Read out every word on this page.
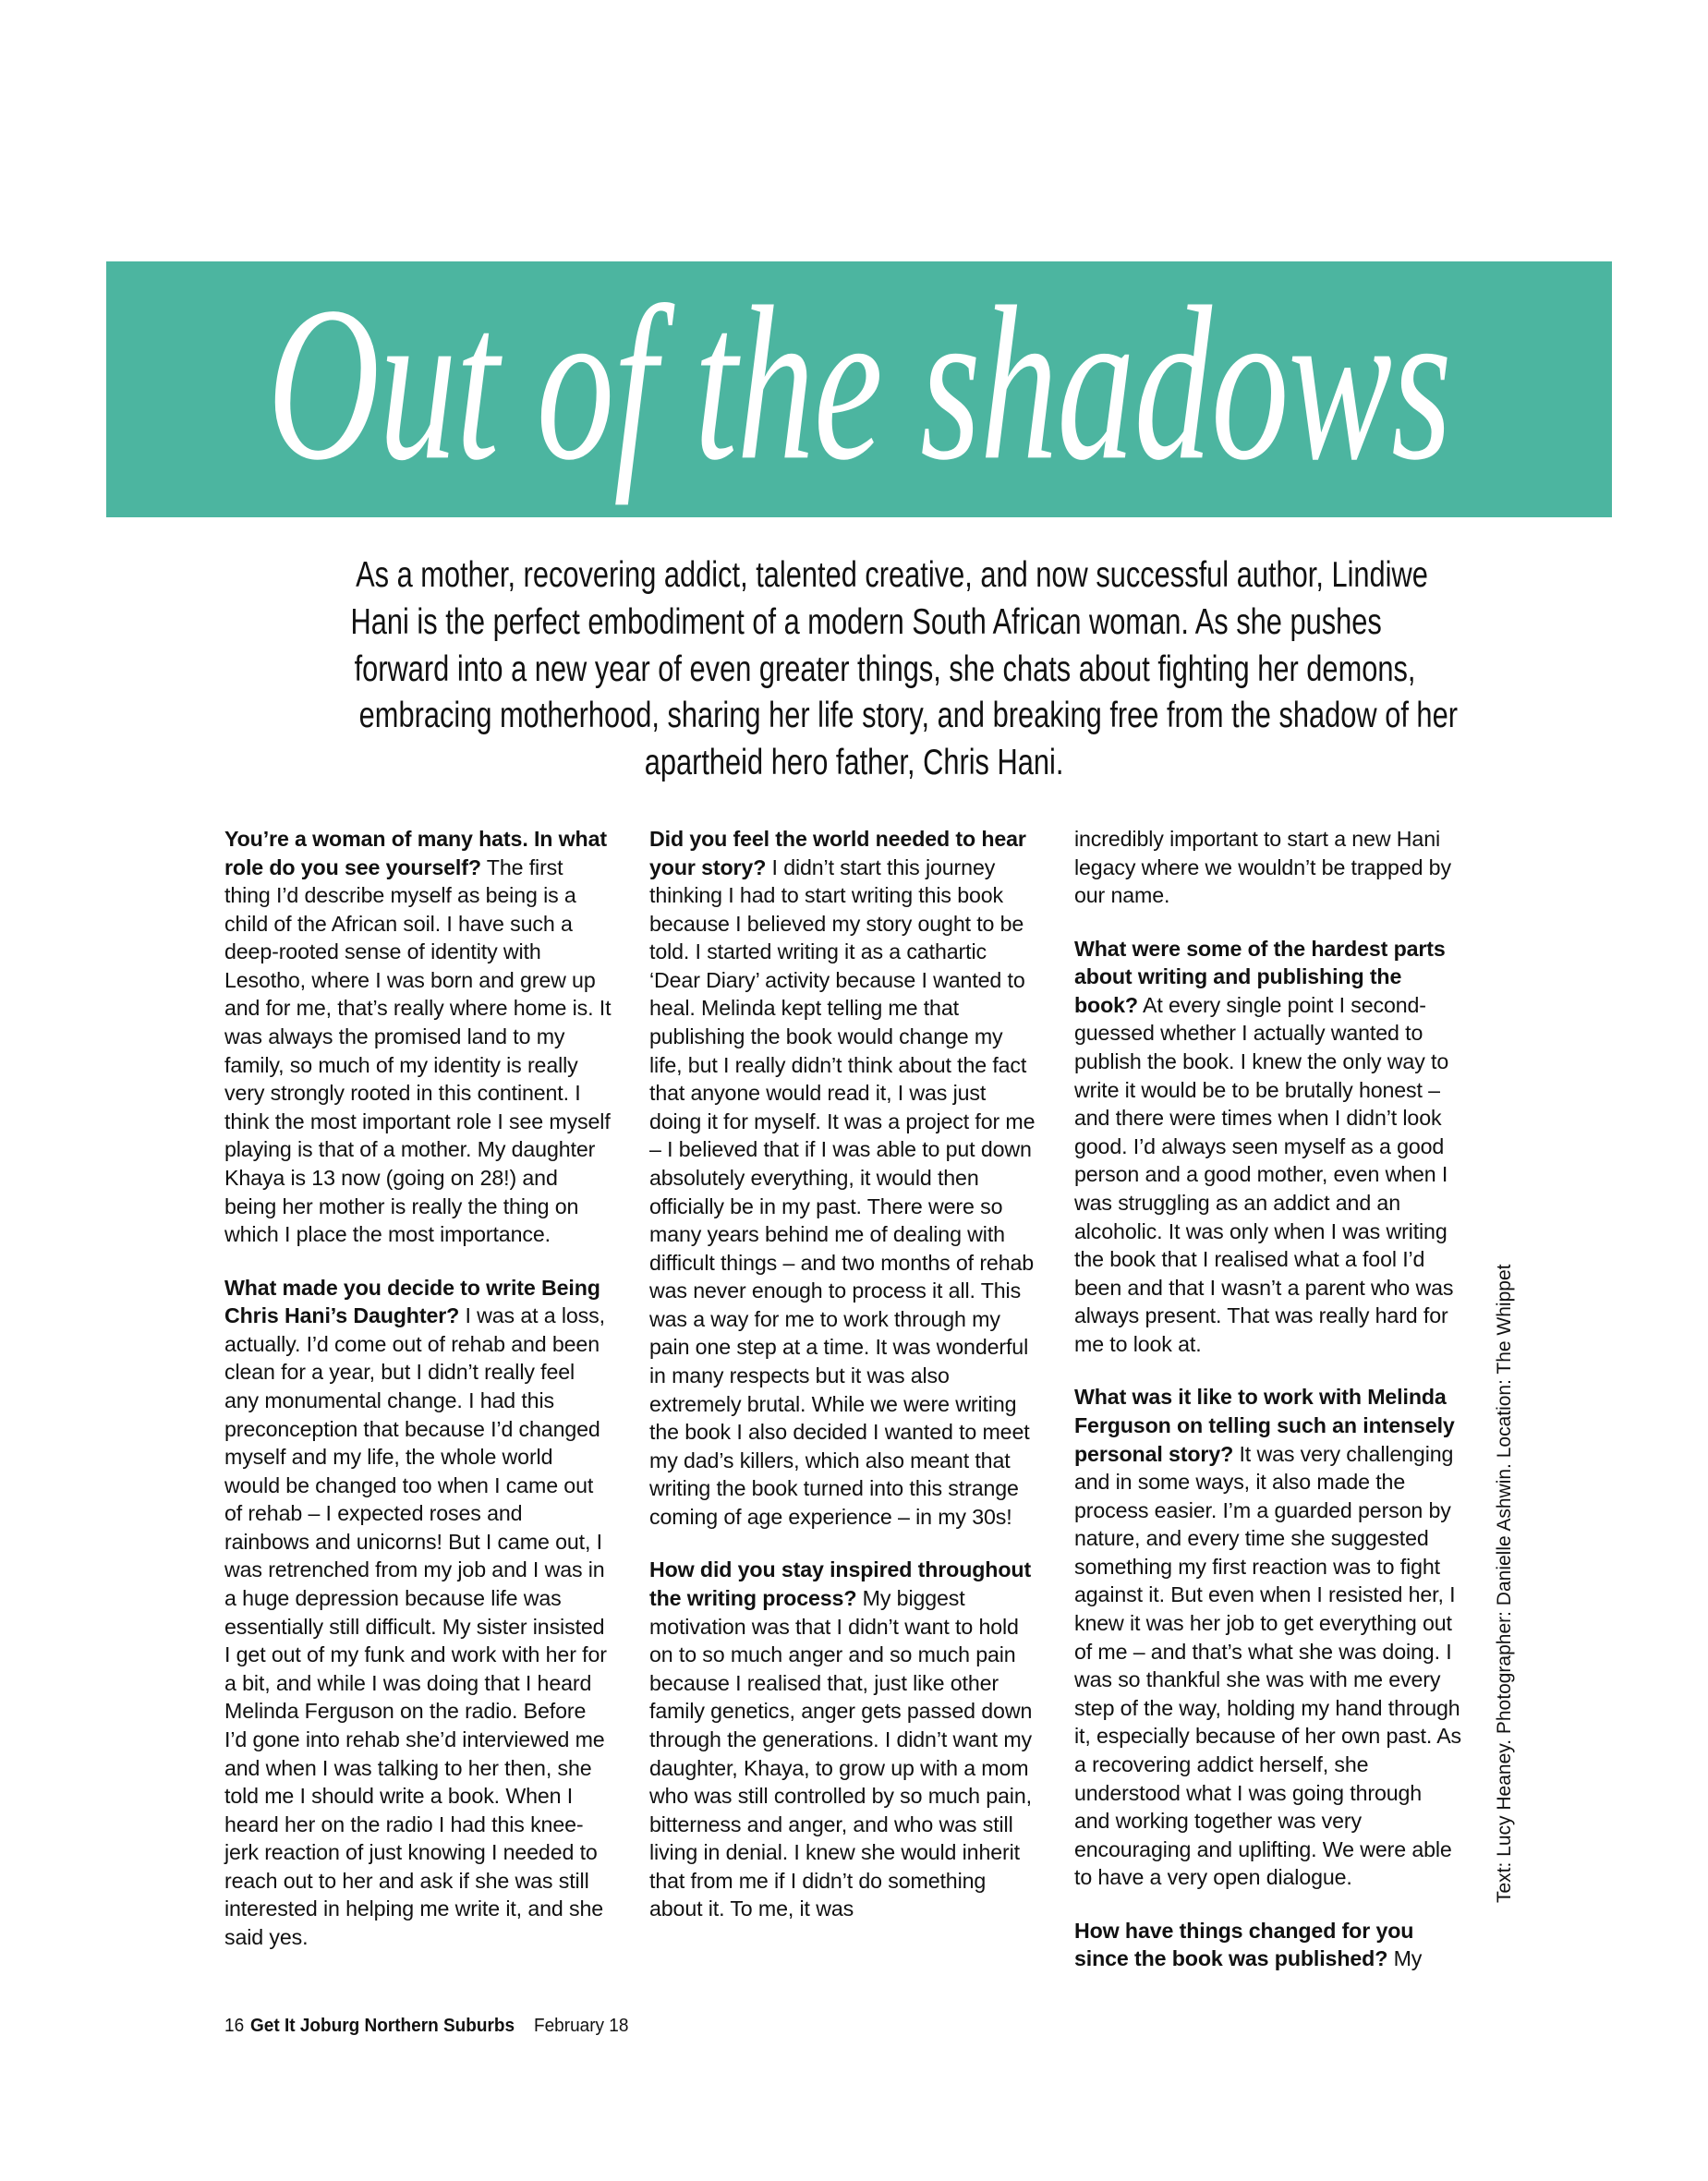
Out of the shadows
As a mother, recovering addict, talented creative, and now successful author, Lindiwe Hani is the perfect embodiment of a modern South African woman. As she pushes forward into a new year of even greater things, she chats about fighting her demons, embracing motherhood, sharing her life story, and breaking free from the shadow of her apartheid hero father, Chris Hani.

You’re a woman of many hats. In what role do you see yourself? The first thing I’d describe myself as being is a child of the African soil. I have such a deep-rooted sense of identity with Lesotho, where I was born and grew up and for me, that’s really where home is. It was always the promised land to my family, so much of my identity is really very strongly rooted in this continent. I think the most important role I see myself playing is that of a mother. My daughter Khaya is 13 now (going on 28!) and being her mother is really the thing on which I place the most importance.

What made you decide to write Being Chris Hani’s Daughter? I was at a loss, actually. I’d come out of rehab and been clean for a year, but I didn’t really feel any monumental change. I had this preconception that because I’d changed myself and my life, the whole world would be changed too when I came out of rehab – I expected roses and rainbows and unicorns! But I came out, I was retrenched from my job and I was in a huge depression because life was essentially still difficult. My sister insisted I get out of my funk and work with her for a bit, and while I was doing that I heard Melinda Ferguson on the radio. Before I’d gone into rehab she’d interviewed me and when I was talking to her then, she told me I should write a book. When I heard her on the radio I had this knee-jerk reaction of just knowing I needed to reach out to her and ask if she was still interested in helping me write it, and she said yes.

Did you feel the world needed to hear your story? I didn’t start this journey thinking I had to start writing this book because I believed my story ought to be told. I started writing it as a cathartic ‘Dear Diary’ activity because I wanted to heal. Melinda kept telling me that publishing the book would change my life, but I really didn’t think about the fact that anyone would read it, I was just doing it for myself. It was a project for me – I believed that if I was able to put down absolutely everything, it would then officially be in my past. There were so many years behind me of dealing with difficult things – and two months of rehab was never enough to process it all. This was a way for me to work through my pain one step at a time. It was wonderful in many respects but it was also extremely brutal. While we were writing the book I also decided I wanted to meet my dad’s killers, which also meant that writing the book turned into this strange coming of age experience – in my 30s!

How did you stay inspired throughout the writing process? My biggest motivation was that I didn’t want to hold on to so much anger and so much pain because I realised that, just like other family genetics, anger gets passed down through the generations. I didn’t want my daughter, Khaya, to grow up with a mom who was still controlled by so much pain, bitterness and anger, and who was still living in denial. I knew she would inherit that from me if I didn’t do something about it. To me, it was

incredibly important to start a new Hani legacy where we wouldn’t be trapped by our name.

What were some of the hardest parts about writing and publishing the book? At every single point I second-guessed whether I actually wanted to publish the book. I knew the only way to write it would be to be brutally honest – and there were times when I didn’t look good. I’d always seen myself as a good person and a good mother, even when I was struggling as an addict and an alcoholic. It was only when I was writing the book that I realised what a fool I’d been and that I wasn’t a parent who was always present. That was really hard for me to look at.

What was it like to work with Melinda Ferguson on telling such an intensely personal story? It was very challenging and in some ways, it also made the process easier. I’m a guarded person by nature, and every time she suggested something my first reaction was to fight against it. But even when I resisted her, I knew it was her job to get everything out of me – and that’s what she was doing. I was so thankful she was with me every step of the way, holding my hand through it, especially because of her own past. As a recovering addict herself, she understood what I was going through and working together was very encouraging and uplifting. We were able to have a very open dialogue.

How have things changed for you since the book was published? My

Text: Lucy Heaney. Photographer: Danielle Ashwin. Location: The Whippet
16 Get It Joburg Northern Suburbs February 18
